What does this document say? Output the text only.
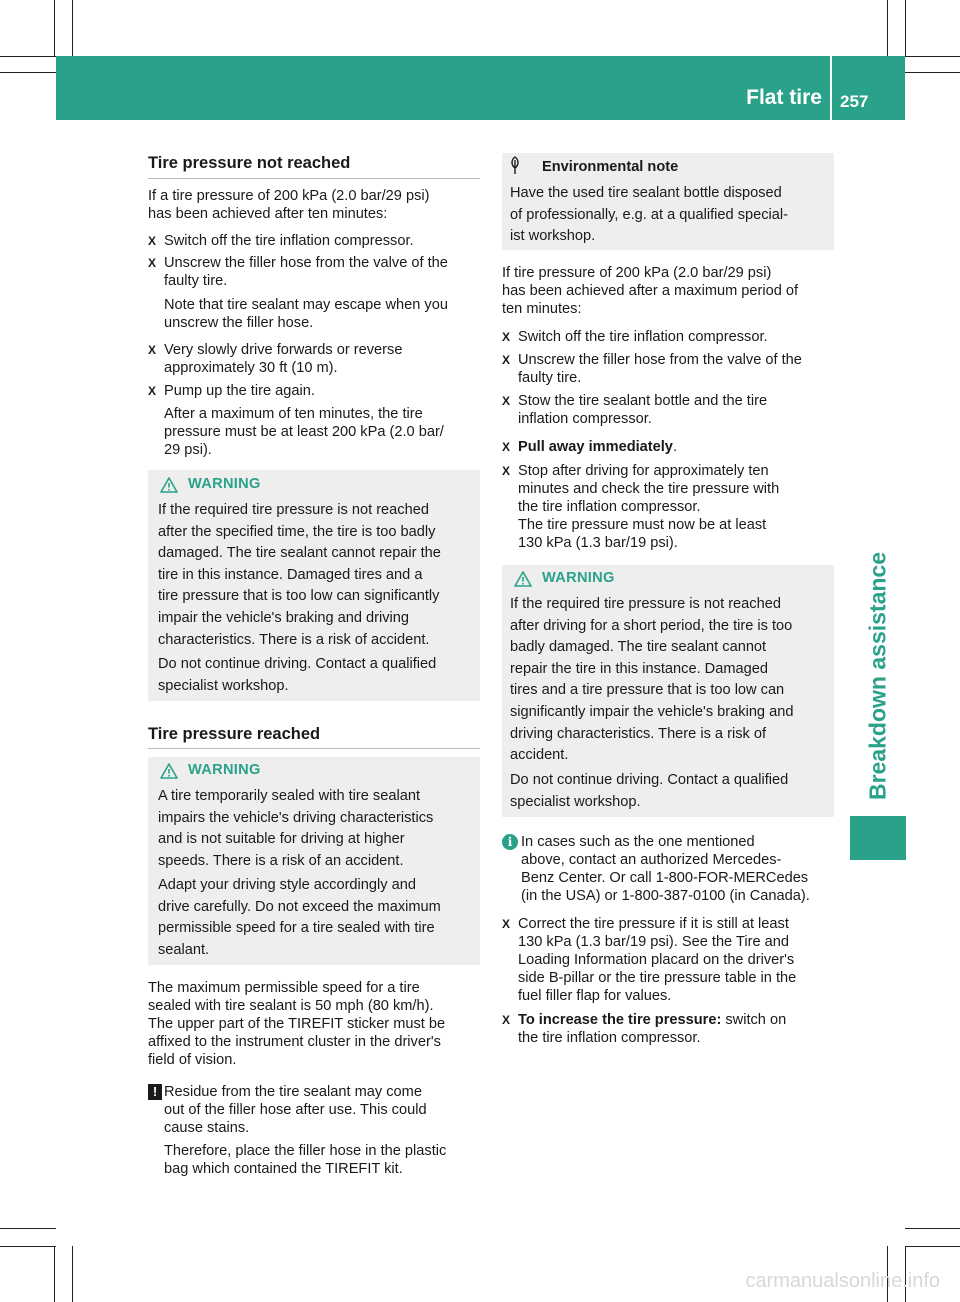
Flat tire 257
Breakdown assistance
Tire pressure not reached
If a tire pressure of 200 kPa (2.0 bar/29 psi)
has been achieved after ten minutes:
X Switch off the tire inflation compressor.
X Unscrew the filler hose from the valve of the
faulty tire.
Note that tire sealant may escape when you
unscrew the filler hose.
X Very slowly drive forwards or reverse
approximately 30 ft (10 m).
X Pump up the tire again.
After a maximum of ten minutes, the tire
pressure must be at least 200 kPa (2.0 bar/
29 psi).
WARNING
If the required tire pressure is not reached
after the specified time, the tire is too badly
damaged. The tire sealant cannot repair the
tire in this instance. Damaged tires and a
tire pressure that is too low can significantly
impair the vehicle's braking and driving
characteristics. There is a risk of accident.
Do not continue driving. Contact a qualified
specialist workshop.
Tire pressure reached
WARNING
A tire temporarily sealed with tire sealant
impairs the vehicle's driving characteristics
and is not suitable for driving at higher
speeds. There is a risk of an accident.
Adapt your driving style accordingly and
drive carefully. Do not exceed the maximum
permissible speed for a tire sealed with tire
sealant.
The maximum permissible speed for a tire
sealed with tire sealant is 50 mph (80 km/h).
The upper part of the TIREFIT sticker must be
affixed to the instrument cluster in the driver's
field of vision.
! Residue from the tire sealant may come
out of the filler hose after use. This could
cause stains.
Therefore, place the filler hose in the plastic
bag which contained the TIREFIT kit.
Environmental note
Have the used tire sealant bottle disposed
of professionally, e.g. at a qualified special-
ist workshop.
If tire pressure of 200 kPa (2.0 bar/29 psi)
has been achieved after a maximum period of
ten minutes:
X Switch off the tire inflation compressor.
X Unscrew the filler hose from the valve of the
faulty tire.
X Stow the tire sealant bottle and the tire
inflation compressor.
X Pull away immediately.
X Stop after driving for approximately ten
minutes and check the tire pressure with
the tire inflation compressor.
The tire pressure must now be at least
130 kPa (1.3 bar/19 psi).
WARNING
If the required tire pressure is not reached
after driving for a short period, the tire is too
badly damaged. The tire sealant cannot
repair the tire in this instance. Damaged
tires and a tire pressure that is too low can
significantly impair the vehicle's braking and
driving characteristics. There is a risk of
accident.
Do not continue driving. Contact a qualified
specialist workshop.
i In cases such as the one mentioned
above, contact an authorized Mercedes-
Benz Center. Or call 1-800-FOR-MERCedes
(in the USA) or 1-800-387-0100 (in Canada).
X Correct the tire pressure if it is still at least
130 kPa (1.3 bar/19 psi). See the Tire and
Loading Information placard on the driver's
side B-pillar or the tire pressure table in the
fuel filler flap for values.
X To increase the tire pressure: switch on
the tire inflation compressor.
carmanualsonline.info
